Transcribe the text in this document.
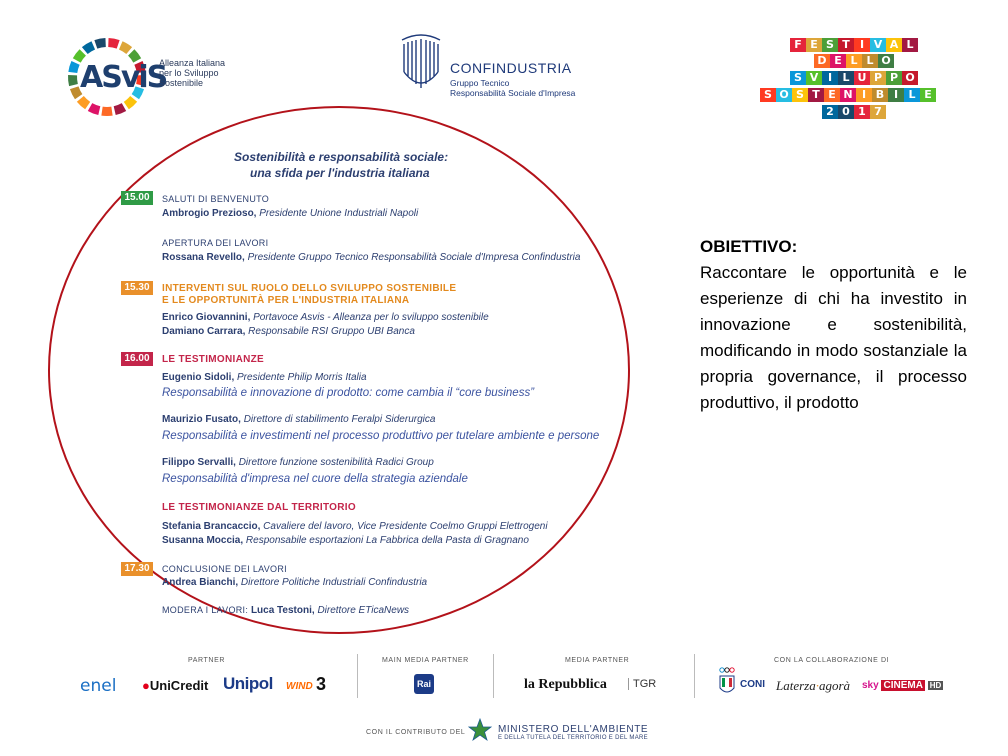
ASviS
Alleanza Italiana
per lo Sviluppo
Sostenibile
CONFINDUSTRIA
Gruppo Tecnico
Responsabilità Sociale d'Impresa
F E S T I V A L
D E L L O
S V I L U P P O
S O S T E N I B I L E
2 0 1 7
Sostenibilità e responsabilità sociale:
una sfida per l'industria italiana
15.00	SALUTI DI BENVENUTO
Ambrogio Prezioso, Presidente Unione Industriali Napoli
APERTURA DEI LAVORI
Rossana Revello, Presidente Gruppo Tecnico Responsabilità Sociale d'Impresa Confindustria
15.30	INTERVENTI SUL RUOLO DELLO SVILUPPO SOSTENIBILE
E LE OPPORTUNITÀ PER L'INDUSTRIA ITALIANA
Enrico Giovannini, Portavoce Asvis - Alleanza per lo sviluppo sostenibile
Damiano Carrara, Responsabile RSI Gruppo UBI Banca
16.00	LE TESTIMONIANZE
Eugenio Sidoli, Presidente Philip Morris Italia
Responsabilità e innovazione di prodotto: come cambia il “core business”
Maurizio Fusato, Direttore di stabilimento Feralpi Siderurgica
Responsabilità e investimenti nel processo produttivo per tutelare ambiente e persone
Filippo Servalli, Direttore funzione sostenibilità Radici Group
Responsabilità d'impresa nel cuore della strategia aziendale
LE TESTIMONIANZE DAL TERRITORIO
Stefania Brancaccio, Cavaliere del lavoro, Vice Presidente Coelmo Gruppi Elettrogeni
Susanna Moccia, Responsabile esportazioni La Fabbrica della Pasta di Gragnano
17.30	CONCLUSIONE DEI LAVORI
Andrea Bianchi, Direttore Politiche Industriali Confindustria
MODERA I LAVORI: Luca Testoni, Direttore ETicaNews
OBIETTIVO:
Raccontare le opportunità e le esperienze di chi ha investito in innovazione e sostenibilità, modificando in modo sostanziale la propria governance, il processo produttivo, il prodotto
PARTNER	MAIN MEDIA PARTNER	MEDIA PARTNER	CON LA COLLABORAZIONE DI
enel ●UniCredit Unipol WIND 3	Rai	la Repubblica	TGR	CONI Laterza·agorà sky CINEMA HD
CON IL CONTRIBUTO DEL	MINISTERO DELL'AMBIENTE
E DELLA TUTELA DEL TERRITORIO E DEL MARE
